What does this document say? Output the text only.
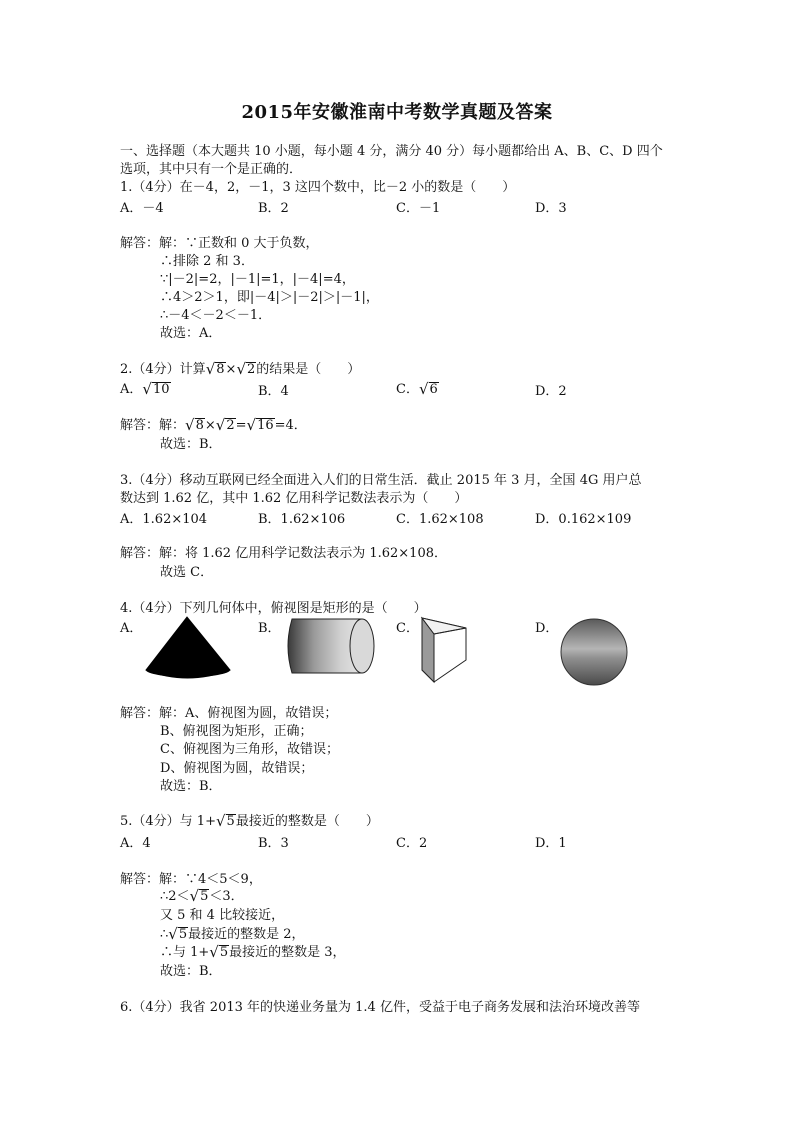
2015年安徽淮南中考数学真题及答案
一、选择题（本大题共 10 小题，每小题 4 分，满分 40 分）每小题都给出 A、B、C、D 四个
选项，其中只有一个是正确的．
1.（4分）在－4，2，－1，3 这四个数中，比－2 小的数是（　　）
A．－4	B．2	C．－1	D．3
解答：解：∵正数和 0 大于负数，
∴排除 2 和 3．
∵|－2|=2，|－1|=1，|－4|=4，
∴4＞2＞1，即|－4|＞|－2|＞|－1|，
∴－4＜－2＜－1．
故选：A．
2.（4分）计算 √ 8 × √ 2 的结果是（　　）
A． √ 10	B．4	C． √ 6	D．2
解答：解： √ 8 × √ 2 = √ 16 =4．
故选：B．
3.（4分）移动互联网已经全面进入人们的日常生活．截止 2015 年 3 月，全国 4G 用户总
数达到 1.62 亿，其中 1.62 亿用科学记数法表示为（　　）
A．1.62×104	B．1.62×106	C．1.62×108	D．0.162×109
解答：解：将 1.62 亿用科学记数法表示为 1.62×108．
故选 C．
4.（4分）下列几何体中，俯视图是矩形的是（　　）
A．	B．	C．	D．
解答：解：A、俯视图为圆，故错误；
B、俯视图为矩形，正确；
C、俯视图为三角形，故错误；
D、俯视图为圆，故错误；
故选：B．
5.（4分）与 1+ √ 5 最接近的整数是（　　）
A．4	B．3	C．2	D．1
解答：解：∵4＜5＜9，
∴2＜ √ 5 ＜3．
又 5 和 4 比较接近，
∴ √ 5 最接近的整数是 2，
∴与 1+ √ 5 最接近的整数是 3，
故选：B．
6.（4分）我省 2013 年的快递业务量为 1.4 亿件，受益于电子商务发展和法治环境改善等
